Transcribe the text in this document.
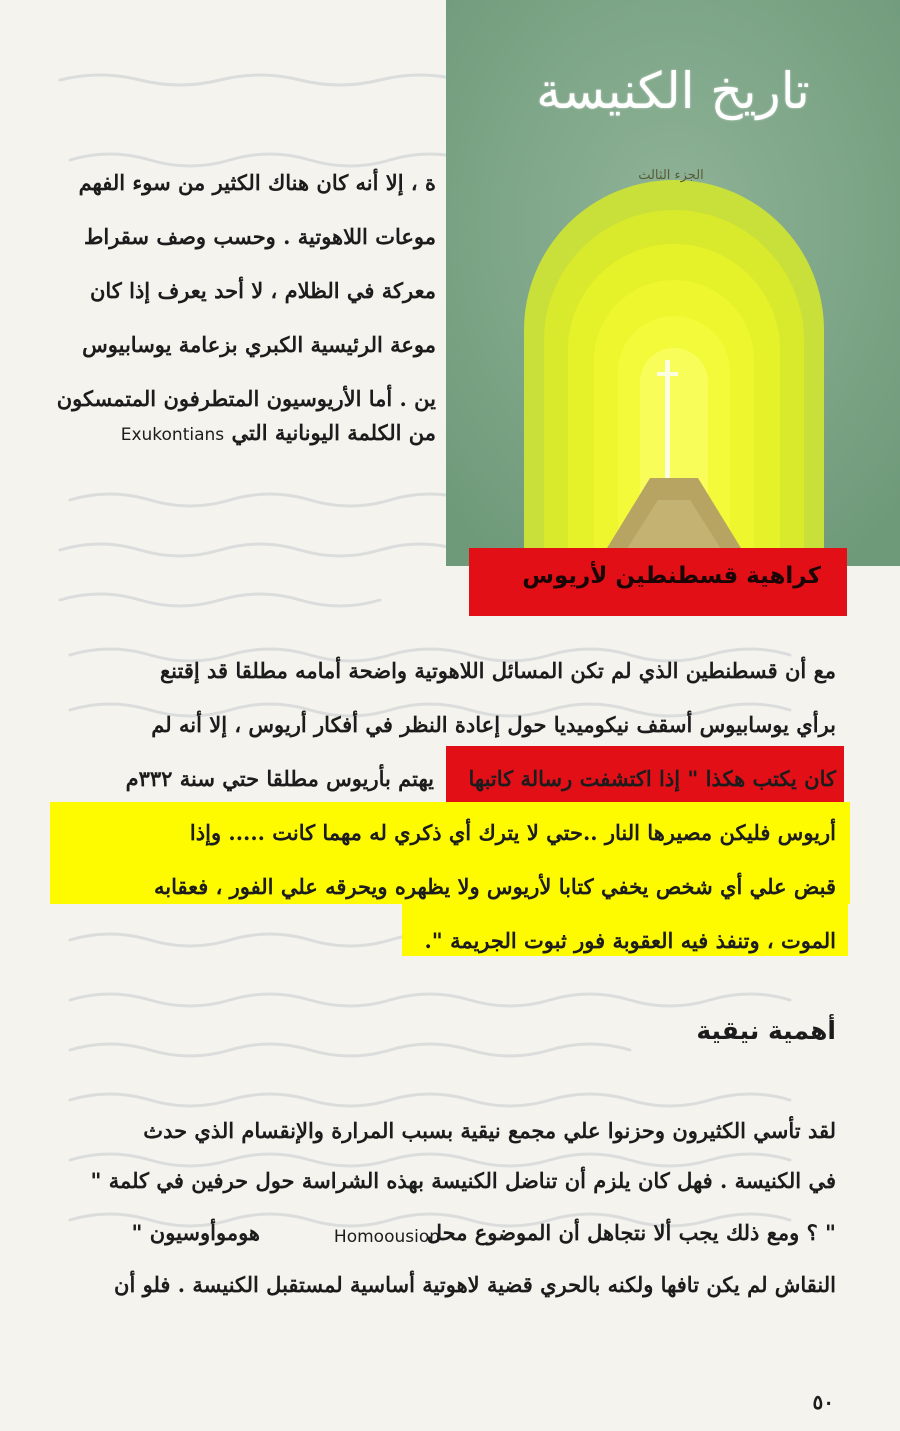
ة ، إلا أنه كان هناك الكثير من سوء الفهم
موعات اللاهوتية . وحسب وصف سقراط
معركة في الظلام ، لا أحد يعرف إذا كان
موعة الرئيسية الكبري بزعامة يوسابيوس
ين . أما الأريوسيون المتطرفون المتمسكون
من الكلمة اليونانية التي Exukontians
تاريخ الكنيسة
الجزء الثالث
كراهية قسطنطين لأريوس
مع أن قسطنطين الذي لم تكن المسائل اللاهوتية واضحة أمامه مطلقا قد إقتنع
برأي يوسابيوس أسقف نيكوميديا حول إعادة النظر في أفكار أريوس ، إلا أنه لم
كان يكتب هكذا " إذا اكتشفت رسالة كاتبها
يهتم بأريوس مطلقا حتي سنة ٣٣٢م
أريوس فليكن مصيرها النار ..حتي لا يترك أي ذكري له مهما كانت ..... وإذا
قبض علي أي شخص يخفي كتابا لأريوس ولا يظهره ويحرقه علي الفور ، فعقابه
الموت ، وتنفذ فيه العقوبة فور ثبوت الجريمة ".
أهمية نيقية
لقد تأسي الكثيرون وحزنوا علي مجمع نيقية بسبب المرارة والإنقسام الذي حدث
في الكنيسة . فهل كان يلزم أن تناضل الكنيسة بهذه الشراسة حول حرفين في كلمة "
" ؟ ومع ذلك يجب ألا نتجاهل أن الموضوع محل
Homoousion
هوموأوسيون "
النقاش لم يكن تافها ولكنه بالحري قضية لاهوتية أساسية لمستقبل الكنيسة . فلو أن
٥٠
